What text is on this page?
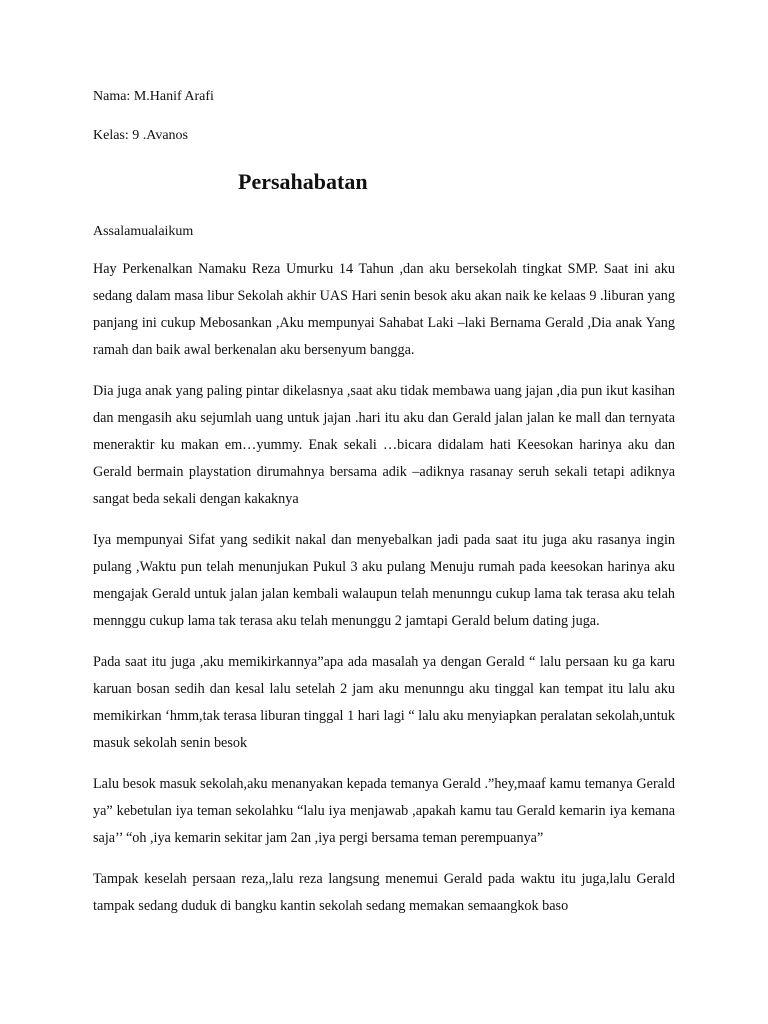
Nama: M.Hanif Arafi

Kelas: 9 .Avanos

Persahabatan

Assalamualaikum

Hay Perkenalkan Namaku Reza Umurku 14 Tahun ,dan aku bersekolah tingkat SMP. Saat ini aku sedang dalam masa libur Sekolah akhir UAS Hari senin besok aku akan naik ke kelaas 9 .liburan yang panjang ini cukup Mebosankan ,Aku mempunyai Sahabat Laki –laki Bernama Gerald ,Dia anak Yang ramah dan baik awal berkenalan aku bersenyum bangga.

Dia juga anak yang paling pintar dikelasnya ,saat aku tidak membawa uang jajan ,dia pun ikut kasihan dan mengasih aku sejumlah uang untuk jajan .hari itu aku dan Gerald jalan jalan ke mall dan ternyata meneraktir ku makan em…yummy. Enak sekali …bicara didalam hati Keesokan harinya aku dan Gerald bermain playstation dirumahnya bersama adik –adiknya rasanay seruh sekali tetapi adiknya sangat beda sekali dengan kakaknya

Iya mempunyai Sifat yang sedikit nakal dan menyebalkan jadi pada saat itu juga aku rasanya ingin pulang ,Waktu pun telah menunjukan Pukul 3 aku pulang Menuju rumah pada keesokan harinya aku mengajak Gerald untuk jalan jalan kembali walaupun telah menunngu cukup lama tak terasa aku telah mennggu cukup lama tak terasa aku telah menunggu 2 jamtapi Gerald belum dating juga.

Pada saat itu juga ,aku memikirkannya”apa ada masalah ya dengan Gerald “ lalu persaan ku ga karu karuan bosan sedih dan kesal lalu setelah 2 jam aku menunngu aku tinggal kan tempat itu lalu aku memikirkan ‘hmm,tak terasa liburan tinggal 1 hari lagi “ lalu aku menyiapkan peralatan sekolah,untuk masuk sekolah senin besok

Lalu besok masuk sekolah,aku menanyakan kepada temanya Gerald .”hey,maaf kamu temanya Gerald ya” kebetulan iya teman sekolahku “lalu iya menjawab ,apakah kamu tau Gerald kemarin iya kemana saja’’ “oh ,iya kemarin sekitar jam 2an ,iya pergi bersama teman perempuanya”

Tampak keselah persaan reza,,lalu reza langsung menemui Gerald pada waktu itu juga,lalu Gerald tampak sedang duduk di bangku kantin sekolah sedang memakan semaangkok baso
